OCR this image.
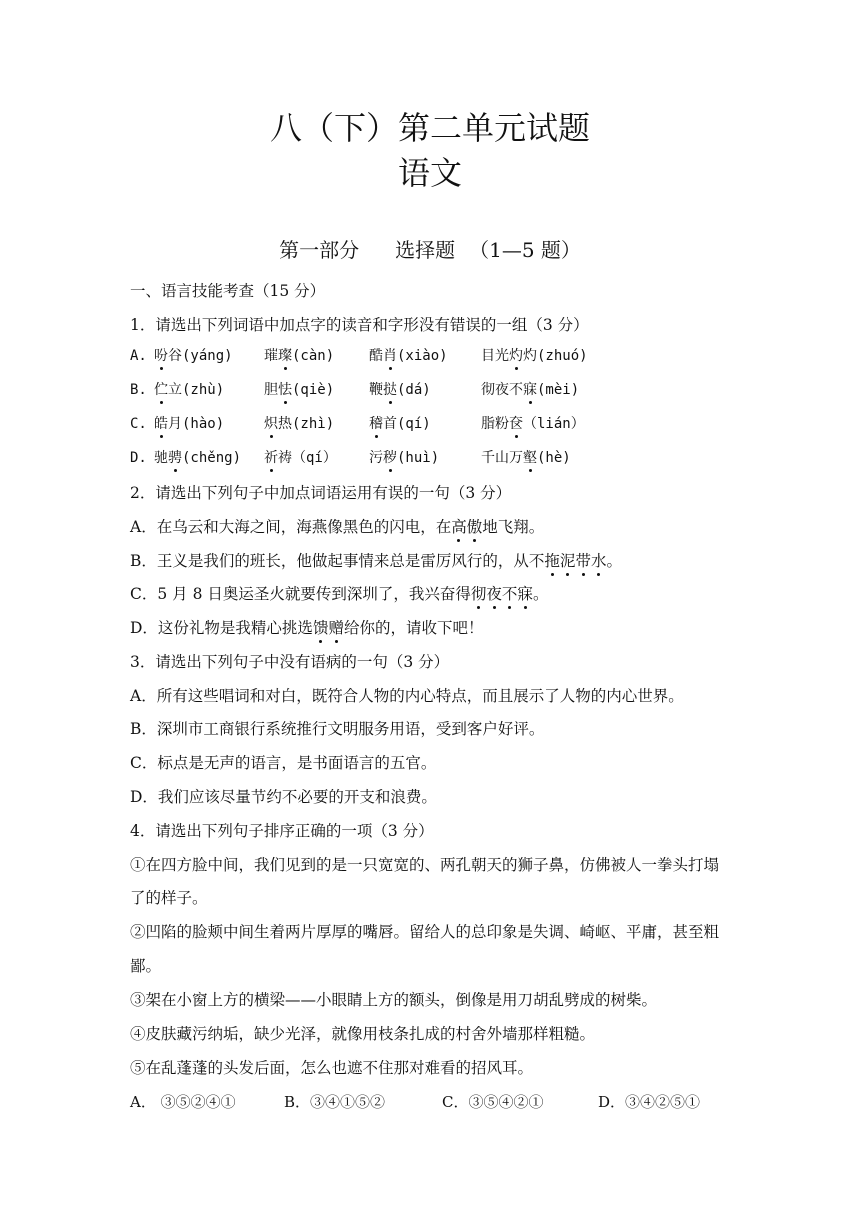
八（下）第二单元试题
语文
第一部分 选择题 （1—5 题）
一、语言技能考查（15 分）
1．请选出下列词语中加点字的读音和字形没有错误的一组（3 分）
A. 吩谷(yáng) 璀璨(càn) 酷肖(xiào) 目光灼灼(zhuó)
B. 伫立(zhù)	胆怯(qiè) 鞭挞(dá)	彻夜不寐(mèi)
C. 皓月(hào)	炽热(zhì) 稽首(qí)	脂粉奁（lián）
D. 驰骋(chěng) 祈祷（qí） 污秽(huì)	千山万壑(hè)
2．请选出下列句子中加点词语运用有误的一句（3 分）
A．在乌云和大海之间，海燕像黑色的闪电，在高傲地飞翔。
B．王义是我们的班长，他做起事情来总是雷厉风行的，从不拖泥带水。
C．5 月 8 日奥运圣火就要传到深圳了，我兴奋得彻夜不寐。
D．这份礼物是我精心挑选馈赠给你的，请收下吧！
3．请选出下列句子中没有语病的一句（3 分）
A．所有这些唱词和对白，既符合人物的内心特点，而且展示了人物的内心世界。
B．深圳市工商银行系统推行文明服务用语，受到客户好评。
C．标点是无声的语言，是书面语言的五官。
D．我们应该尽量节约不必要的开支和浪费。
4．请选出下列句子排序正确的一项（3 分）
①在四方脸中间，我们见到的是一只宽宽的、两孔朝天的狮子鼻，仿佛被人一拳头打塌
了的样子。
②凹陷的脸颊中间生着两片厚厚的嘴唇。留给人的总印象是失调、崎岖、平庸，甚至粗
鄙。
③架在小窗上方的横梁——小眼睛上方的额头，倒像是用刀胡乱劈成的树柴。
④皮肤藏污纳垢，缺少光泽，就像用枝条扎成的村舍外墙那样粗糙。
⑤在乱蓬蓬的头发后面，怎么也遮不住那对难看的招风耳。
A． ③⑤②④①	B．③④①⑤②	C．③⑤④②①	D．③④②⑤①
